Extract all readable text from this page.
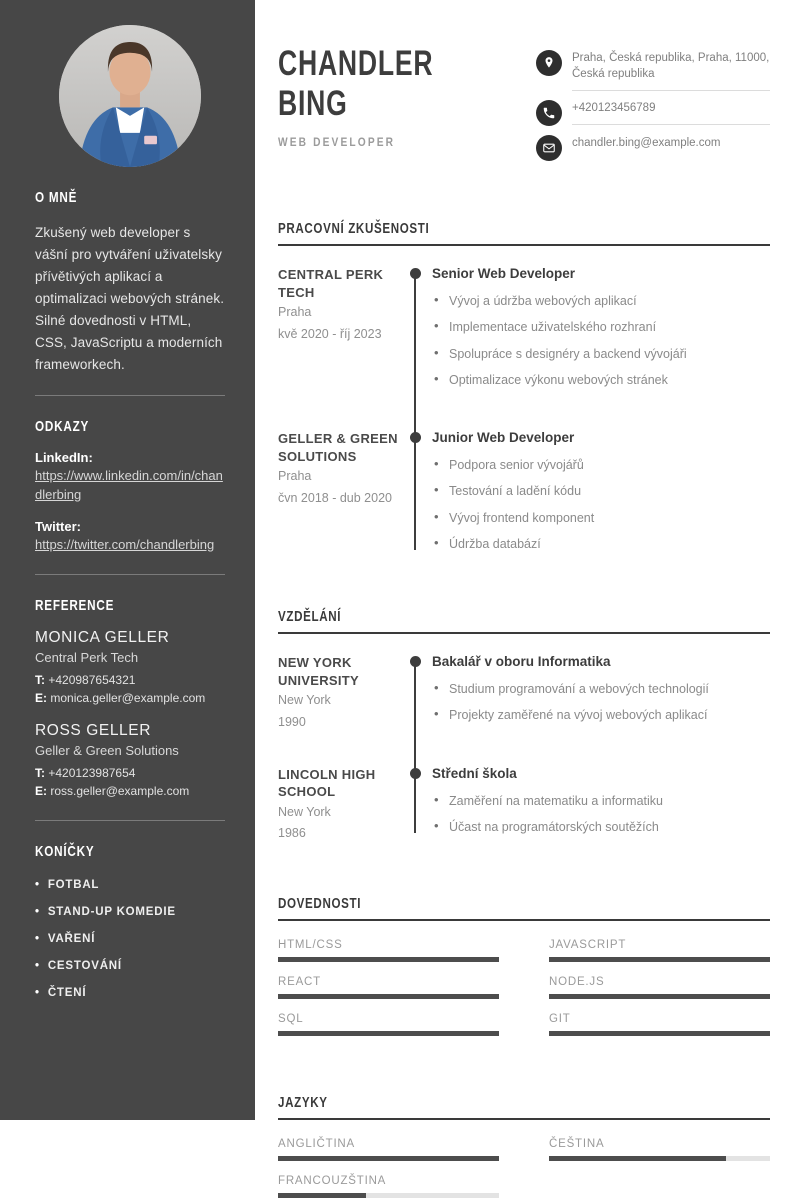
O MNĚ

Zkušený web developer s vášní pro vytváření uživatelsky přívětivých aplikací a optimalizaci webových stránek. Silné dovednosti v HTML, CSS, JavaScriptu a moderních frameworkech.

ODKAZY
LinkedIn:
https://www.linkedin.com/in/chandlerbing
Twitter:
https://twitter.com/chandlerbing
REFERENCE
MONICA GELLER
Central Perk Tech
T: +420987654321
E: monica.geller@example.com
ROSS GELLER
Geller & Green Solutions
T: +420123987654
E: ross.geller@example.com
KONÍČKY
• FOTBAL
• STAND-UP KOMEDIE
• VAŘENÍ
• CESTOVÁNÍ
• ČTENÍ
CHANDLER
BING
WEB DEVELOPER
Praha, Česká republika, Praha, 11000, Česká republika
+420123456789
chandler.bing@example.com
PRACOVNÍ ZKUŠENOSTI
CENTRAL PERK TECH
Praha
kvě 2020 - říj 2023
Senior Web Developer
• Vývoj a údržba webových aplikací
• Implementace uživatelského rozhraní
• Spolupráce s designéry a backend vývojáři
• Optimalizace výkonu webových stránek
GELLER & GREEN SOLUTIONS
Praha
čvn 2018 - dub 2020
Junior Web Developer
• Podpora senior vývojářů
• Testování a ladění kódu
• Vývoj frontend komponent
• Údržba databází
VZDĚLÁNÍ
NEW YORK UNIVERSITY
New York
1990
Bakalář v oboru Informatika
• Studium programování a webových technologií
• Projekty zaměřené na vývoj webových aplikací
LINCOLN HIGH SCHOOL
New York
1986
Střední škola
• Zaměření na matematiku a informatiku
• Účast na programátorských soutěžích
DOVEDNOSTI
HTML/CSS	JAVASCRIPT
REACT	NODE.JS
SQL	GIT
JAZYKY
ANGLIČTINA	ČEŠTINA
FRANCOUZŠTINA
